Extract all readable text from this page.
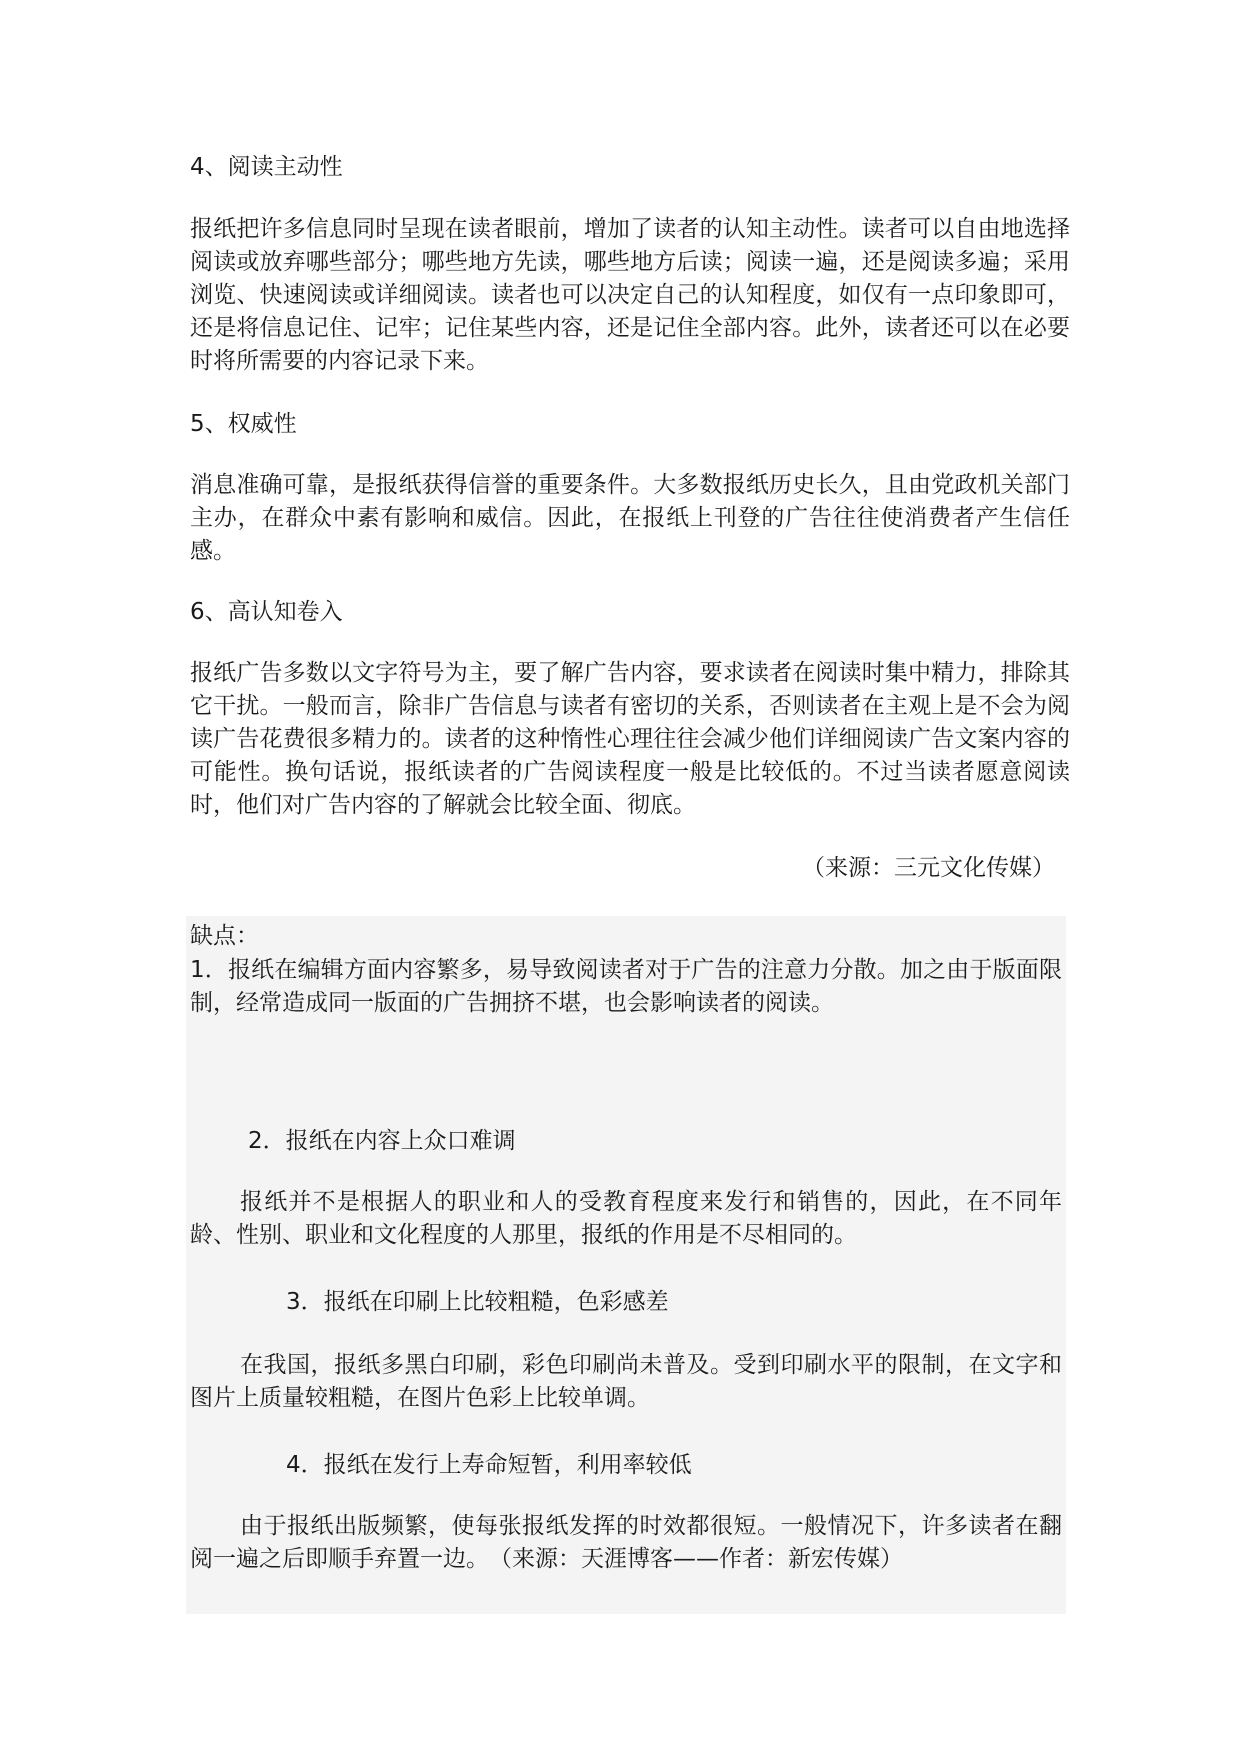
4、阅读主动性
报纸把许多信息同时呈现在读者眼前，增加了读者的认知主动性。读者可以自由地选择阅读或放弃哪些部分；哪些地方先读，哪些地方后读；阅读一遍，还是阅读多遍；采用浏览、快速阅读或详细阅读。读者也可以决定自己的认知程度，如仅有一点印象即可，还是将信息记住、记牢；记住某些内容，还是记住全部内容。此外，读者还可以在必要时将所需要的内容记录下来。
5、权威性
消息准确可靠，是报纸获得信誉的重要条件。大多数报纸历史长久，且由党政机关部门主办，在群众中素有影响和威信。因此，在报纸上刊登的广告往往使消费者产生信任感。
6、高认知卷入
报纸广告多数以文字符号为主，要了解广告内容，要求读者在阅读时集中精力，排除其它干扰。一般而言，除非广告信息与读者有密切的关系，否则读者在主观上是不会为阅读广告花费很多精力的。读者的这种惰性心理往往会减少他们详细阅读广告文案内容的可能性。换句话说，报纸读者的广告阅读程度一般是比较低的。不过当读者愿意阅读时，他们对广告内容的了解就会比较全面、彻底。
（来源：三元文化传媒）
缺点：
1．报纸在编辑方面内容繁多，易导致阅读者对于广告的注意力分散。加之由于版面限制，经常造成同一版面的广告拥挤不堪，也会影响读者的阅读。
2．报纸在内容上众口难调
报纸并不是根据人的职业和人的受教育程度来发行和销售的，因此，在不同年龄、性别、职业和文化程度的人那里，报纸的作用是不尽相同的。
3．报纸在印刷上比较粗糙，色彩感差
在我国，报纸多黑白印刷，彩色印刷尚未普及。受到印刷水平的限制，在文字和图片上质量较粗糙，在图片色彩上比较单调。
4．报纸在发行上寿命短暂，利用率较低
由于报纸出版频繁，使每张报纸发挥的时效都很短。一般情况下，许多读者在翻阅一遍之后即顺手弃置一边。　（来源：天涯博客——作者：新宏传媒）
